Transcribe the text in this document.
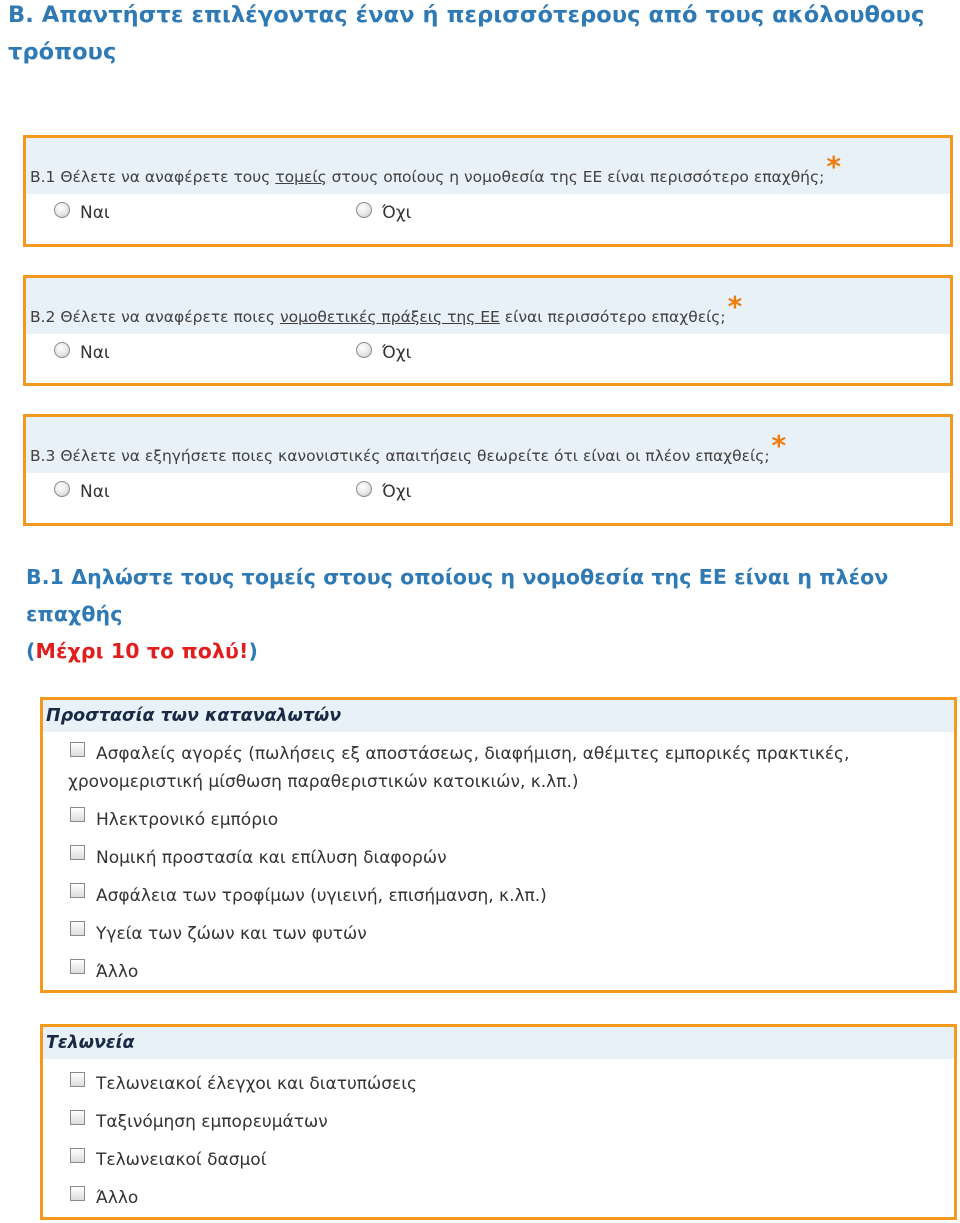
B. Απαντήστε επιλέγοντας έναν ή περισσότερους από τους ακόλουθους τρόπους
B.1 Θέλετε να αναφέρετε τους τομείς στους οποίους η νομοθεσία της ΕΕ είναι περισσότερο επαχθής;*
Ναι	Όχι
B.2 Θέλετε να αναφέρετε ποιες νομοθετικές πράξεις της ΕΕ είναι περισσότερο επαχθείς;*
Ναι	Όχι
B.3 Θέλετε να εξηγήσετε ποιες κανονιστικές απαιτήσεις θεωρείτε ότι είναι οι πλέον επαχθείς;*
Ναι	Όχι
B.1 Δηλώστε τους τομείς στους οποίους η νομοθεσία της ΕΕ είναι η πλέον επαχθής
(Μέχρι 10 το πολύ!)
Προστασία των καταναλωτών
Ασφαλείς αγορές (πωλήσεις εξ αποστάσεως, διαφήμιση, αθέμιτες εμπορικές πρακτικές,
χρονομεριστική μίσθωση παραθεριστικών κατοικιών, κ.λπ.)
Ηλεκτρονικό εμπόριο
Νομική προστασία και επίλυση διαφορών
Ασφάλεια των τροφίμων (υγιεινή, επισήμανση, κ.λπ.)
Υγεία των ζώων και των φυτών
Άλλο
Τελωνεία
Τελωνειακοί έλεγχοι και διατυπώσεις
Ταξινόμηση εμπορευμάτων
Τελωνειακοί δασμοί
Άλλο
